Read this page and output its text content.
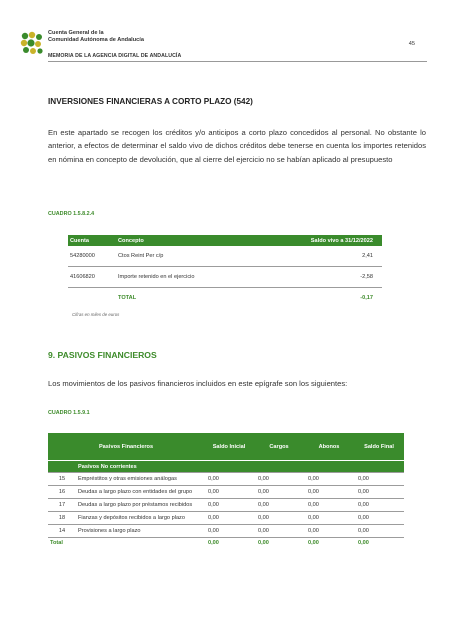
Cuenta General de la
Comunidad Autónoma de Andalucía
MEMORIA DE LA AGENCIA DIGITAL DE ANDALUCÍA
45
INVERSIONES FINANCIERAS A CORTO PLAZO (542)
En este apartado se recogen los créditos y/o anticipos a corto plazo concedidos al personal. No obstante lo anterior, a efectos de determinar el saldo vivo de dichos créditos debe tenerse en cuenta los importes retenidos en nómina en concepto de devolución, que al cierre del ejercicio no se habían aplicado al presupuesto
CUADRO 1.5.8.2.4
Cuenta	Concepto	Saldo vivo a 31/12/2022
54280000	Ctos Reint Per c/p	2,41
41606820	Importe retenido en el ejercicio	-2,58
	TOTAL	-0,17
Cifras en miles de euros
9. PASIVOS FINANCIEROS
Los movimientos de los pasivos financieros incluidos en este epígrafe son los siguientes:
CUADRO 1.5.9.1
Pasivos Financieros		Saldo Inicial	Cargos	Abonos	Saldo Final
	Pasivos No corrientes				
15	Empréstitos y otras emisiones análogas	0,00	0,00	0,00	0,00
16	Deudas a largo plazo con entidades del grupo	0,00	0,00	0,00	0,00
17	Deudas a largo plazo por préstamos recibidos	0,00	0,00	0,00	0,00
18	Fianzas y depósitos recibidos a largo plazo	0,00	0,00	0,00	0,00
14	Provisiones a largo plazo	0,00	0,00	0,00	0,00
Total		0,00	0,00	0,00	0,00
